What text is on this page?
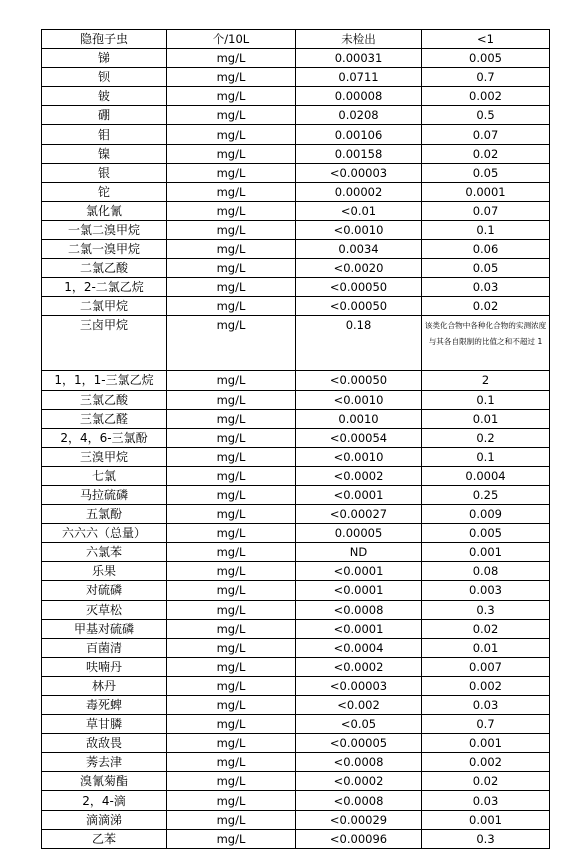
隐孢子虫	个/10L	未检出	<1
锑	mg/L	0.00031	0.005
钡	mg/L	0.0711	0.7
铍	mg/L	0.00008	0.002
硼	mg/L	0.0208	0.5
钼	mg/L	0.00106	0.07
镍	mg/L	0.00158	0.02
银	mg/L	<0.00003	0.05
铊	mg/L	0.00002	0.0001
氯化氰	mg/L	<0.01	0.07
一氯二溴甲烷	mg/L	<0.0010	0.1
二氯一溴甲烷	mg/L	0.0034	0.06
二氯乙酸	mg/L	<0.0020	0.05
1，2-二氯乙烷	mg/L	<0.00050	0.03
二氯甲烷	mg/L	<0.00050	0.02
三卤甲烷	mg/L	0.18	该类化合物中各种化合物的实测浓度与其各自限制的比值之和不超过 1
1，1，1-三氯乙烷	mg/L	<0.00050	2
三氯乙酸	mg/L	<0.0010	0.1
三氯乙醛	mg/L	0.0010	0.01
2，4，6-三氯酚	mg/L	<0.00054	0.2
三溴甲烷	mg/L	<0.0010	0.1
七氯	mg/L	<0.0002	0.0004
马拉硫磷	mg/L	<0.0001	0.25
五氯酚	mg/L	<0.00027	0.009
六六六（总量）	mg/L	0.00005	0.005
六氯苯	mg/L	ND	0.001
乐果	mg/L	<0.0001	0.08
对硫磷	mg/L	<0.0001	0.003
灭草松	mg/L	<0.0008	0.3
甲基对硫磷	mg/L	<0.0001	0.02
百菌清	mg/L	<0.0004	0.01
呋喃丹	mg/L	<0.0002	0.007
林丹	mg/L	<0.00003	0.002
毒死蜱	mg/L	<0.002	0.03
草甘膦	mg/L	<0.05	0.7
敌敌畏	mg/L	<0.00005	0.001
莠去津	mg/L	<0.0008	0.002
溴氰菊酯	mg/L	<0.0002	0.02
2，4-滴	mg/L	<0.0008	0.03
滴滴涕	mg/L	<0.00029	0.001
乙苯	mg/L	<0.00096	0.3
